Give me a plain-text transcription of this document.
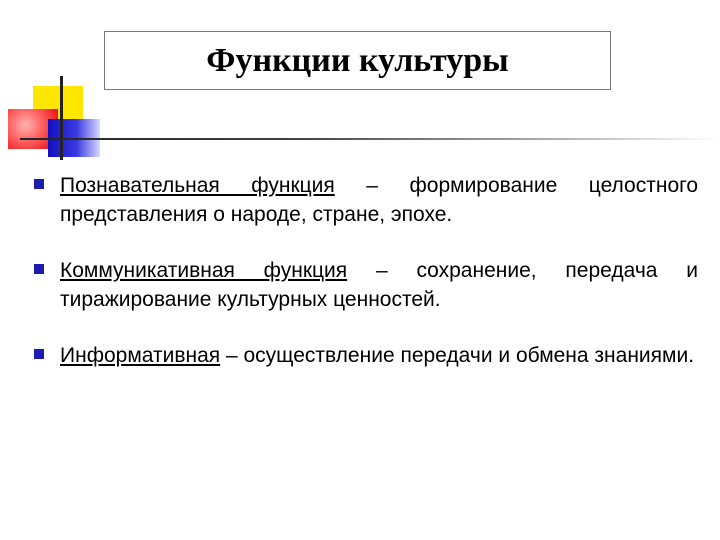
Функции культуры
Познавательная функция – формирование целостного представления о народе, стране, эпохе.
Коммуникативная функция – сохранение, передача и тиражирование культурных ценностей.
Информативная – осуществление передачи и обмена знаниями.
